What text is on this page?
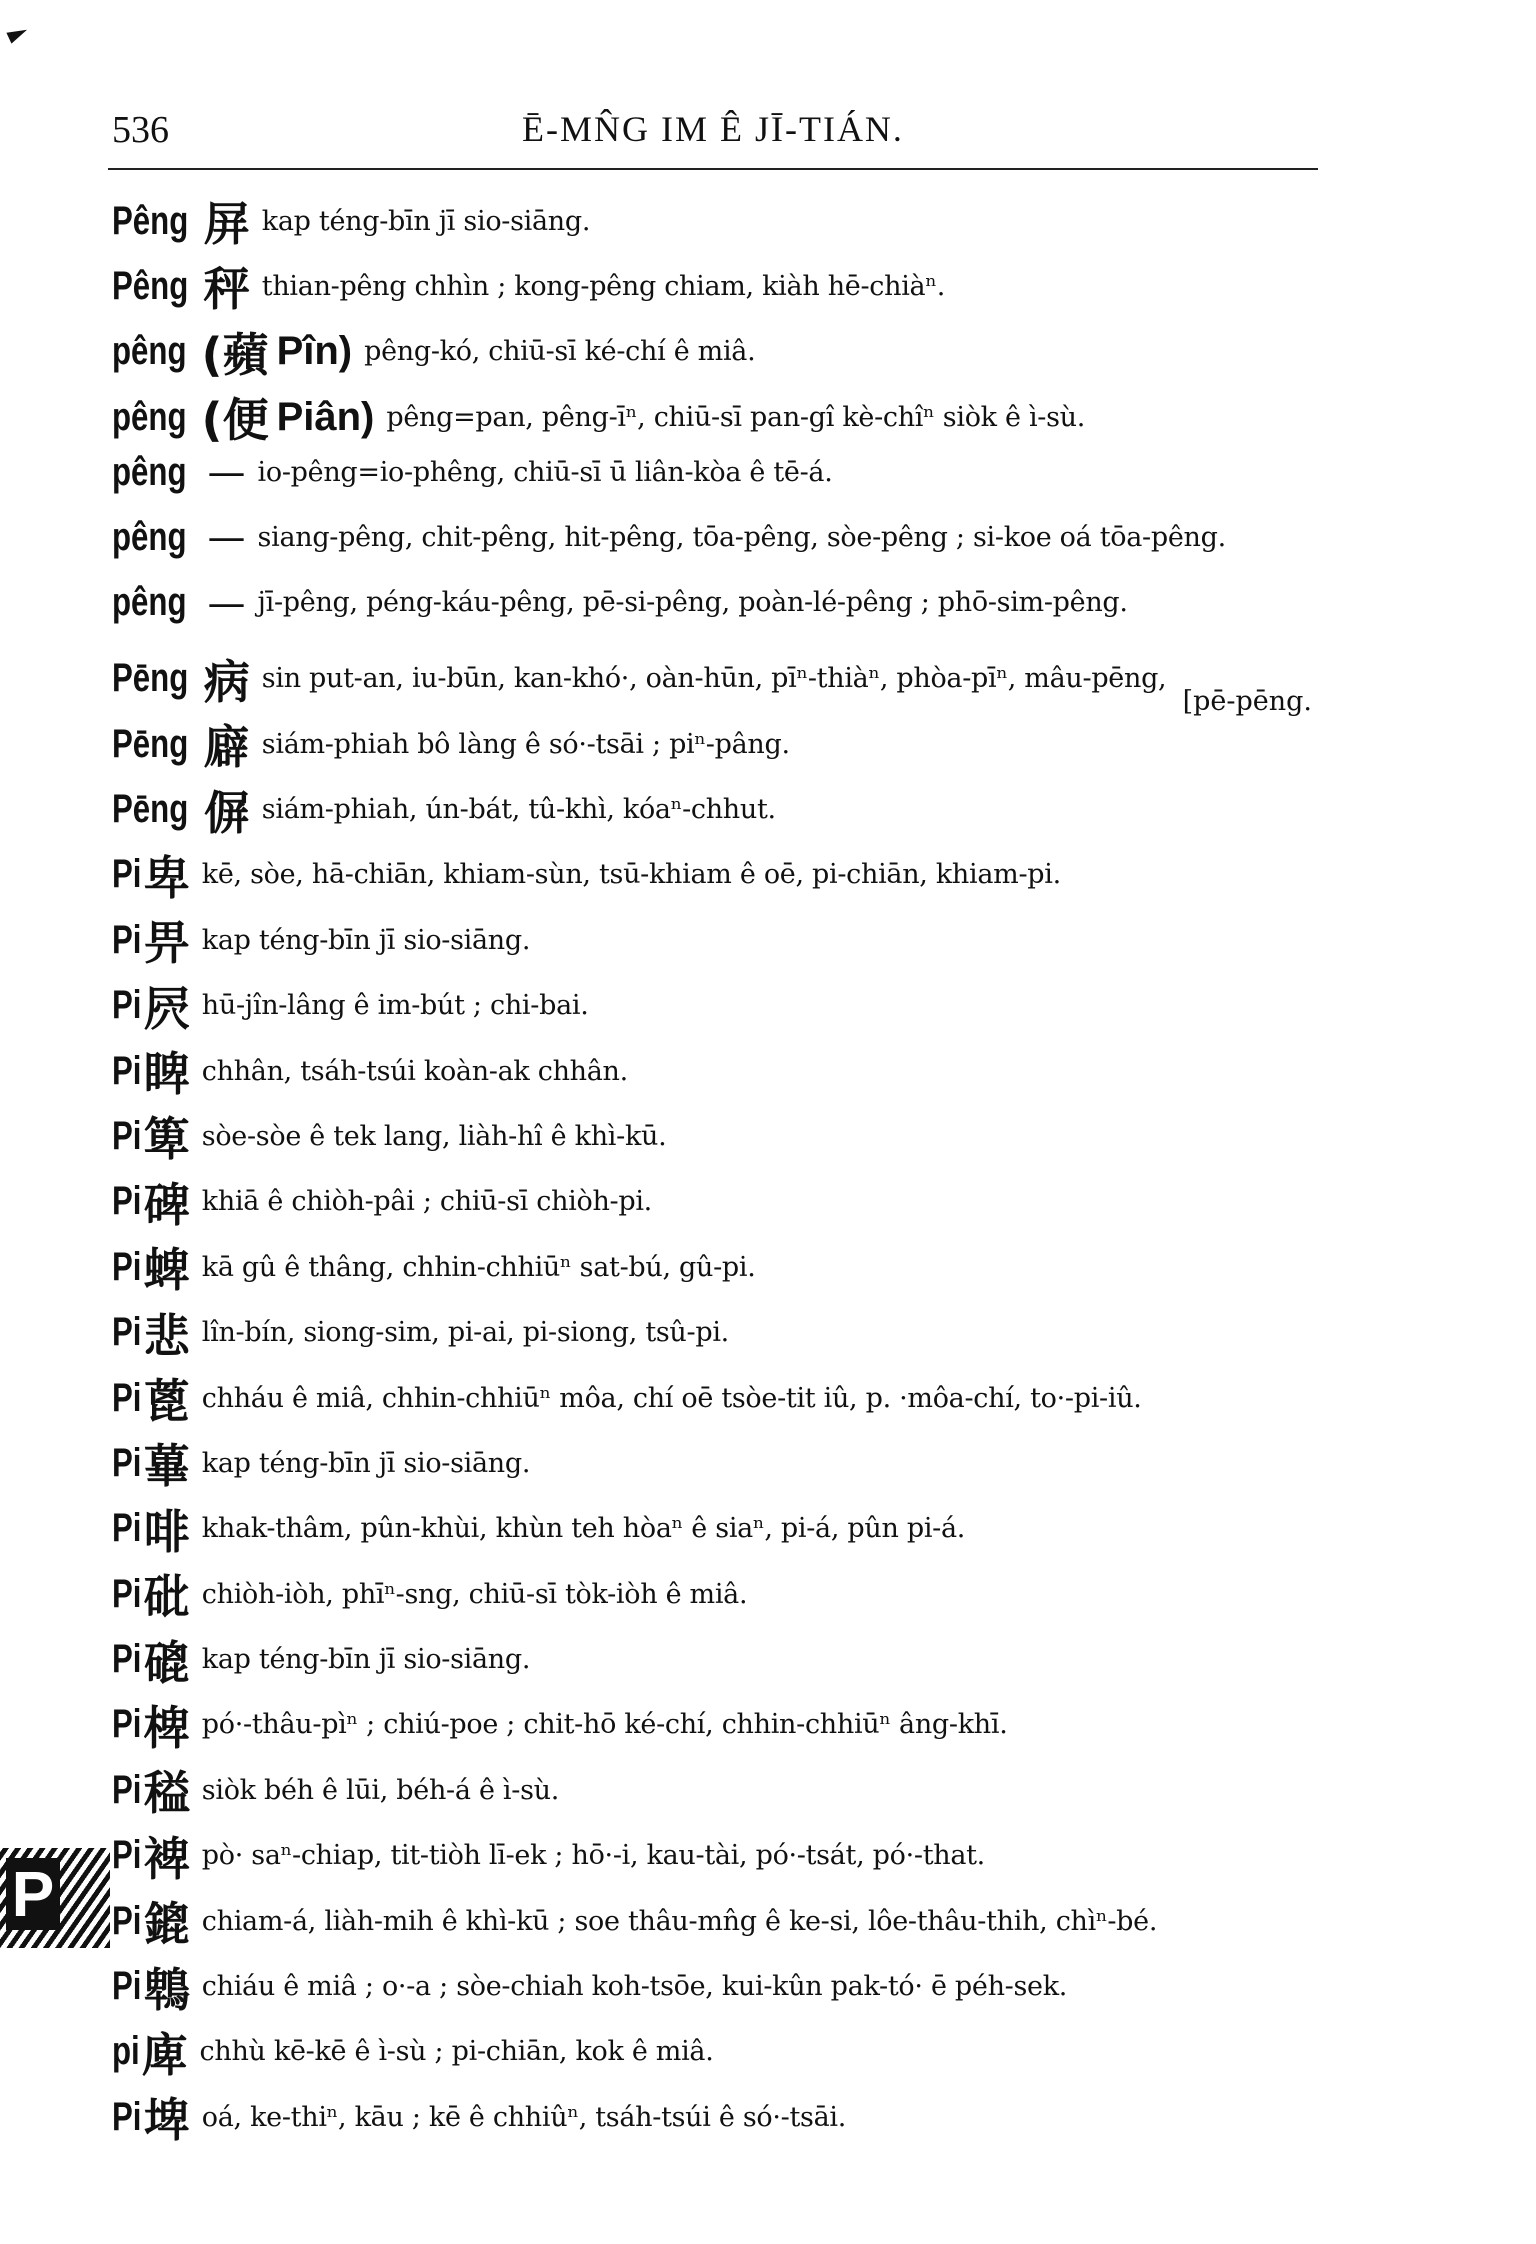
536	Ē-MN̂G IM Ê JĪ-TIÁN.
Pêng 屏 kap téng-bīn jī sio-siāng.
Pêng 秤 thian-pêng chhìn ; kong-pêng chiam, kiàh hē-chiàⁿ.
pêng (蘋 Pîn) pêng-kó, chiū-sī ké-chí ê miâ.
pêng (便 Piân) pêng=pan, pêng-īⁿ, chiū-sī pan-gî kè-chîⁿ siòk ê ì-sù.
pêng — io-pêng=io-phêng, chiū-sī ū liân-kòa ê tē-á.
pêng — siang-pêng, chit-pêng, hit-pêng, tōa-pêng, sòe-pêng ; si-koe oá tōa-pêng.
pêng — jī-pêng, péng-káu-pêng, pē-si-pêng, poàn-lé-pêng ; phō-sim-pêng.
Pēng 病 sin put-an, iu-būn, kan-khó·, oàn-hūn, pīⁿ-thiàⁿ, phòa-pīⁿ, mâu-pēng,
[pē-pēng.
Pēng 廦 siám-phiah bô làng ê só·-tsāi ; piⁿ-pâng.
Pēng 偋 siám-phiah, ún-bát, tû-khì, kóaⁿ-chhut.
Pi卑 kē, sòe, hā-chiān, khiam-sùn, tsū-khiam ê oē, pi-chiān, khiam-pi.
Pi畀 kap téng-bīn jī sio-siāng.
Pi屄 hū-jîn-lâng ê im-bút ; chi-bai.
Pi睥 chhân, tsáh-tsúi koàn-ak chhân.
Pi箄 sòe-sòe ê tek lang, liàh-hî ê khì-kū.
Pi碑 khiā ê chiòh-pâi ; chiū-sī chiòh-pi.
Pi蜱 kā gû ê thâng, chhin-chhiūⁿ sat-bú, gû-pi.
Pi悲 lîn-bín, siong-sim, pi-ai, pi-siong, tsû-pi.
Pi蓖 chháu ê miâ, chhin-chhiūⁿ môa, chí oē tsòe-tit iû, p. ·môa-chí, to·-pi-iû.
Pi蓽 kap téng-bīn jī sio-siāng.
Pi啡 khak-thâm, pûn-khùi, khùn teh hòaⁿ ê siaⁿ, pi-á, pûn pi-á.
Pi砒 chiòh-iòh, phīⁿ-sng, chiū-sī tòk-iòh ê miâ.
Pi磇 kap téng-bīn jī sio-siāng.
Pi椑 pó·-thâu-pìⁿ ; chiú-poe ; chit-hō ké-chí, chhin-chhiūⁿ âng-khī.
Pi䅬 siòk béh ê lūi, béh-á ê ì-sù.
Pi裨 pò· saⁿ-chiap, tit-tiòh lī-ek ; hō·-i, kau-tài, pó·-tsát, pó·-that.
Pi鎞 chiam-á, liàh-mih ê khì-kū ; soe thâu-mn̂g ê ke-si, lôe-thâu-thih, chìⁿ-bé.
Pi鵯 chiáu ê miâ ; o·-a ; sòe-chiah koh-tsōe, kui-kûn pak-tó· ē péh-sek.
pi庳 chhù kē-kē ê ì-sù ; pi-chiān, kok ê miâ.
Pi埤 oá, ke-thiⁿ, kāu ; kē ê chhiûⁿ, tsáh-tsúi ê só·-tsāi.
P
